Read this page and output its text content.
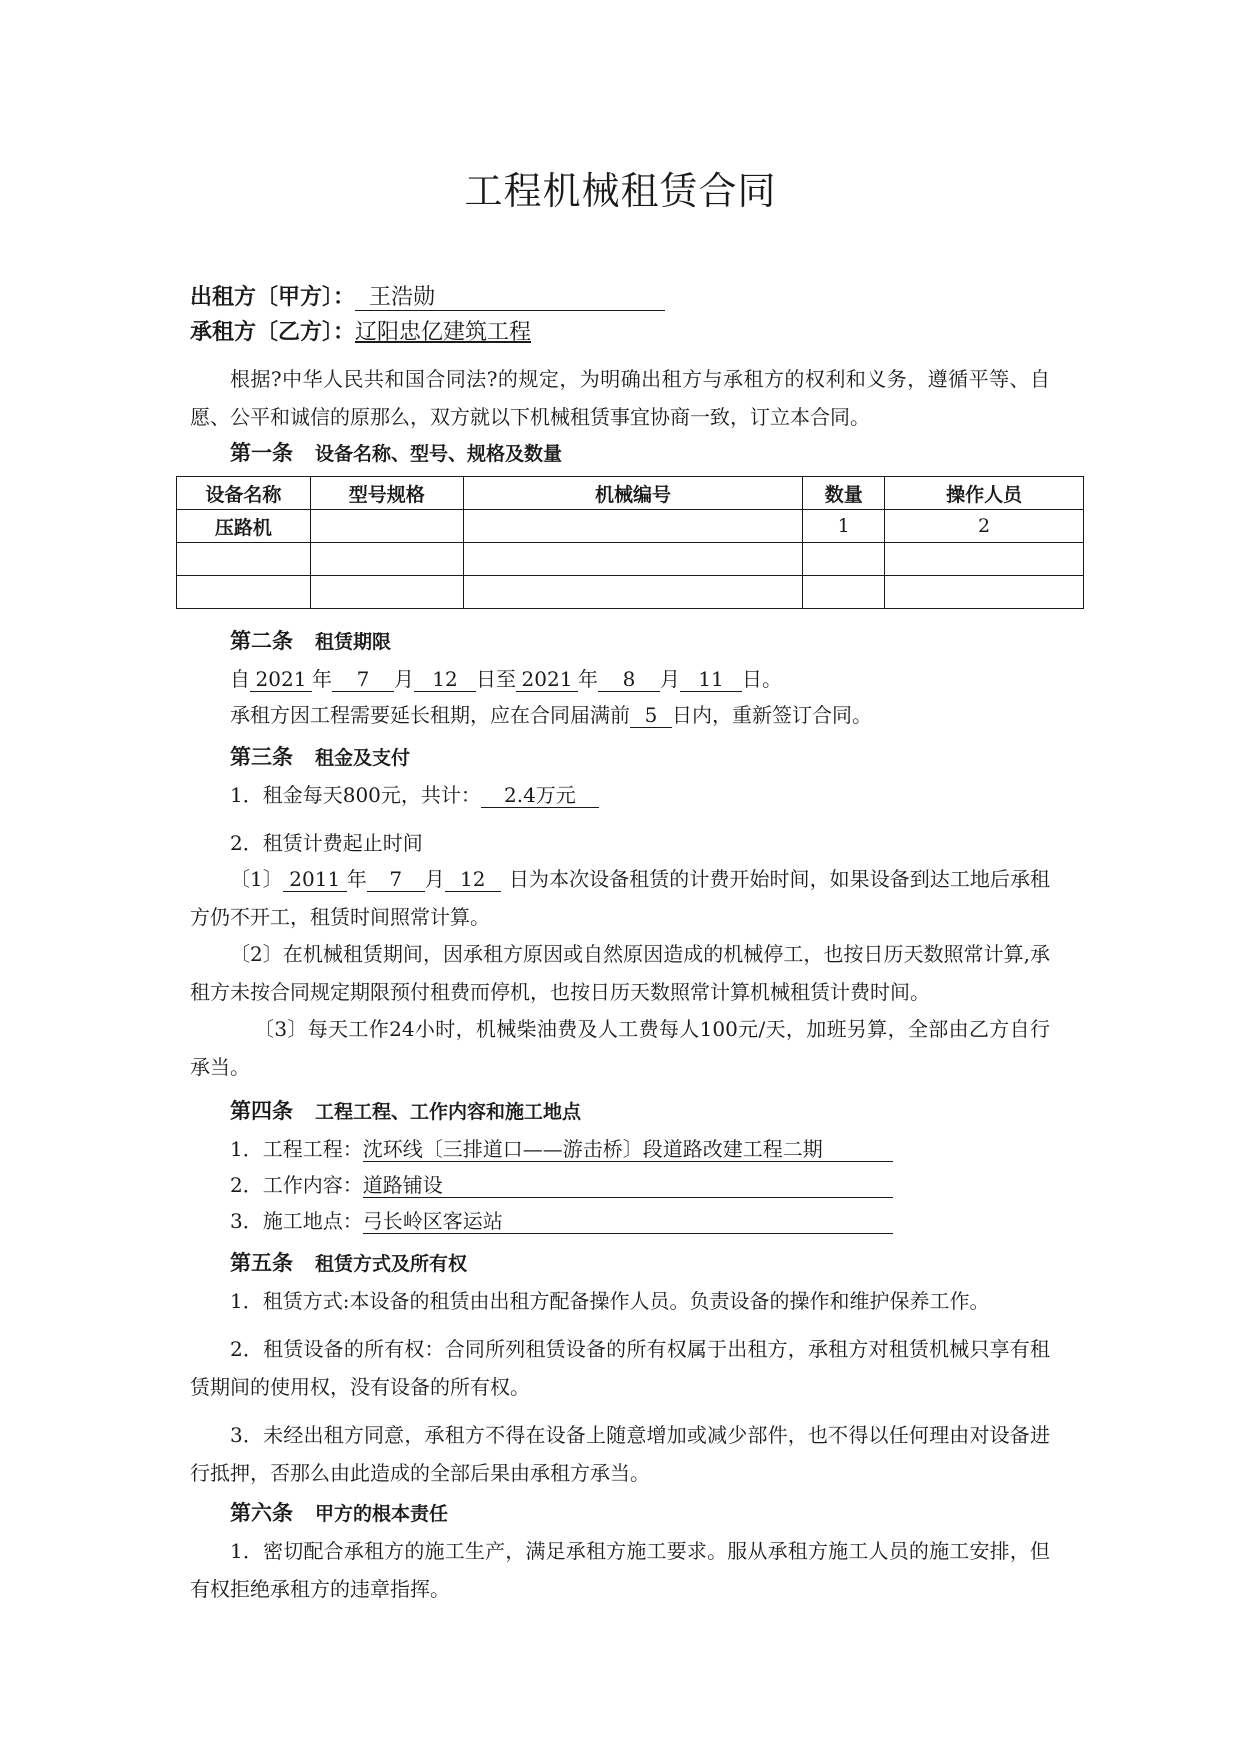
工程机械租赁合同
出租方〔甲方〕： 王浩勋
承租方〔乙方〕：辽阳忠亿建筑工程
根据?中华人民共和国合同法?的规定，为明确出租方与承租方的权利和义务，遵循平等、自愿、公平和诚信的原那么，双方就以下机械租赁事宜协商一致，订立本合同。
第一条 设备名称、型号、规格及数量
设备名称	型号规格	机械编号	数量	操作人员
压路机			1	2

第二条 租赁期限
自 2021 年 7 月 12 日至 2021 年 8 月 11 日。
承租方因工程需要延长租期，应在合同届满前 5 日内，重新签订合同。
第三条 租金及支付
1．租金每天800元，共计： 2.4万元
2．租赁计费起止时间
〔1〕 2011 年 7 月 12	日为本次设备租赁的计费开始时间，如果设备到达工地后承租方仍不开工，租赁时间照常计算。
〔2〕在机械租赁期间，因承租方原因或自然原因造成的机械停工，也按日历天数照常计算,承租方未按合同规定期限预付租费而停机，也按日历天数照常计算机械租赁计费时间。
〔3〕每天工作24小时，机械柴油费及人工费每人100元/天，加班另算，全部由乙方自行承当。
第四条 工程工程、工作内容和施工地点
1．工程工程：沈环线〔三排道口——游击桥〕段道路改建工程二期
2．工作内容：道路铺设
3．施工地点：弓长岭区客运站
第五条 租赁方式及所有权
1．租赁方式:本设备的租赁由出租方配备操作人员。负责设备的操作和维护保养工作。
2．租赁设备的所有权：合同所列租赁设备的所有权属于出租方，承租方对租赁机械只享有租赁期间的使用权，没有设备的所有权。
3．未经出租方同意，承租方不得在设备上随意增加或减少部件，也不得以任何理由对设备进行抵押，否那么由此造成的全部后果由承租方承当。
第六条 甲方的根本责任
1．密切配合承租方的施工生产，满足承租方施工要求。服从承租方施工人员的施工安排，但有权拒绝承租方的违章指挥。
